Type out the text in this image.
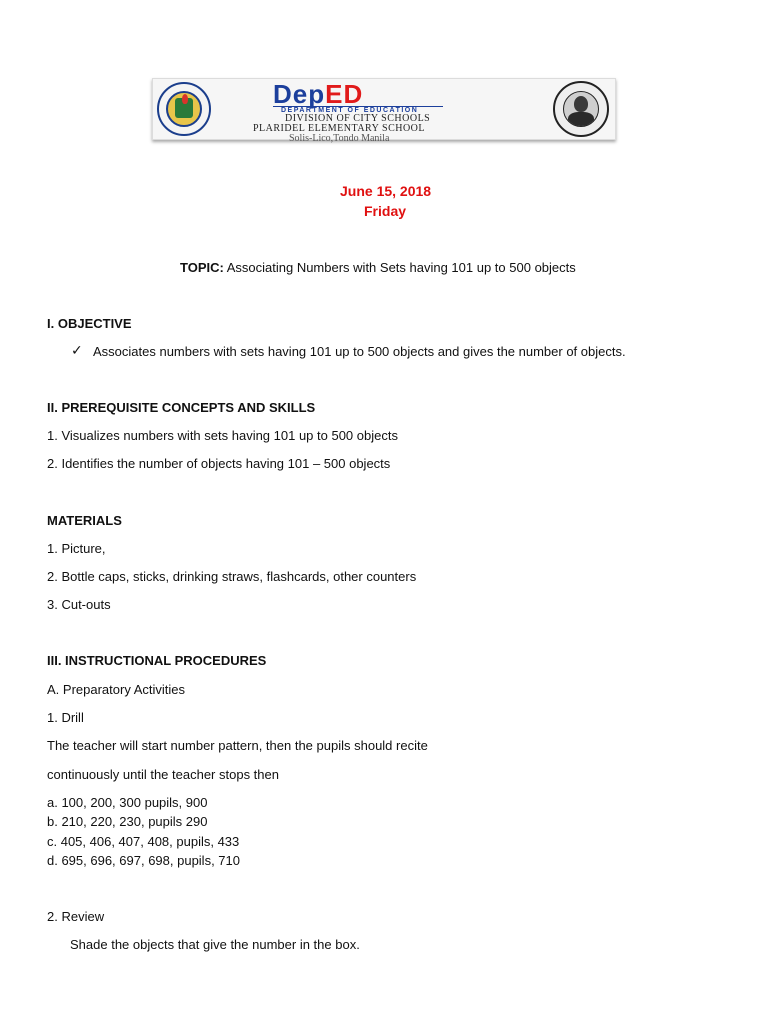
DepED
DEPARTMENT OF EDUCATION
DIVISION OF CITY SCHOOLS
PLARIDEL ELEMENTARY SCHOOL
Solis-Lico,Tondo Manila

June 15, 2018

Friday

TOPIC: Associating Numbers with Sets having 101 up to 500 objects

I. OBJECTIVE

✓ Associates numbers with sets having 101 up to 500 objects and gives the number of objects.

II. PREREQUISITE CONCEPTS AND SKILLS

1. Visualizes numbers with sets having 101 up to 500 objects

2. Identifies the number of objects having 101 – 500 objects

MATERIALS

1. Picture,

2. Bottle caps, sticks, drinking straws, flashcards, other counters

3. Cut-outs

III. INSTRUCTIONAL PROCEDURES

A. Preparatory Activities

1. Drill

The teacher will start number pattern, then the pupils should recite

continuously until the teacher stops then

a. 100, 200, 300 pupils, 900

b. 210, 220, 230, pupils 290

c. 405, 406, 407, 408, pupils, 433

d. 695, 696, 697, 698, pupils, 710

2. Review

Shade the objects that give the number in the box.
